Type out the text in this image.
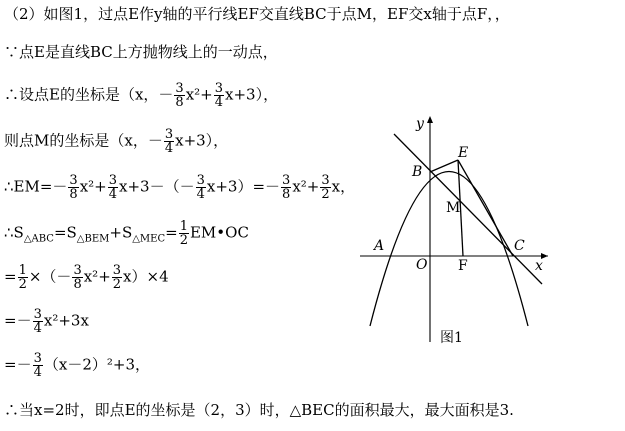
（2）如图1，过点E作y轴的平行线EF交直线BC于点M，EF交x轴于点F，，
∵点E是直线BC上方抛物线上的一动点，
∴设点E的坐标是（x，－ $\frac{3}{8} x^2+ \frac{3}{4} x+3$），
则点M的坐标是（x，－ $\frac{3}{4} x+3$），
∴EM=－ $\frac{3}{8} x^2+ \frac{3}{4} x+3-(- \frac{3}{4} x+3)=- \frac{3}{8} x^2+ \frac{3}{2}$ x，
$\therefore S_{\triangle ABC}=S_{\triangle BEM}+S_{\triangle MEC}= \frac{1}{2}$ EM•OC
= $\frac{1}{2}$ ×（－ $\frac{3}{8} x^2+ \frac{3}{2} x)\times 4$
=－ $\frac{3}{4} x^2+3x$
=－ $\frac{3}{4} (x-2)^2+3$，
∴当x=2时，即点E的坐标是（2，3）时，△BEC的面积最大，最大面积是3.
y
x
O
A
B
C
E
M
F
图1
